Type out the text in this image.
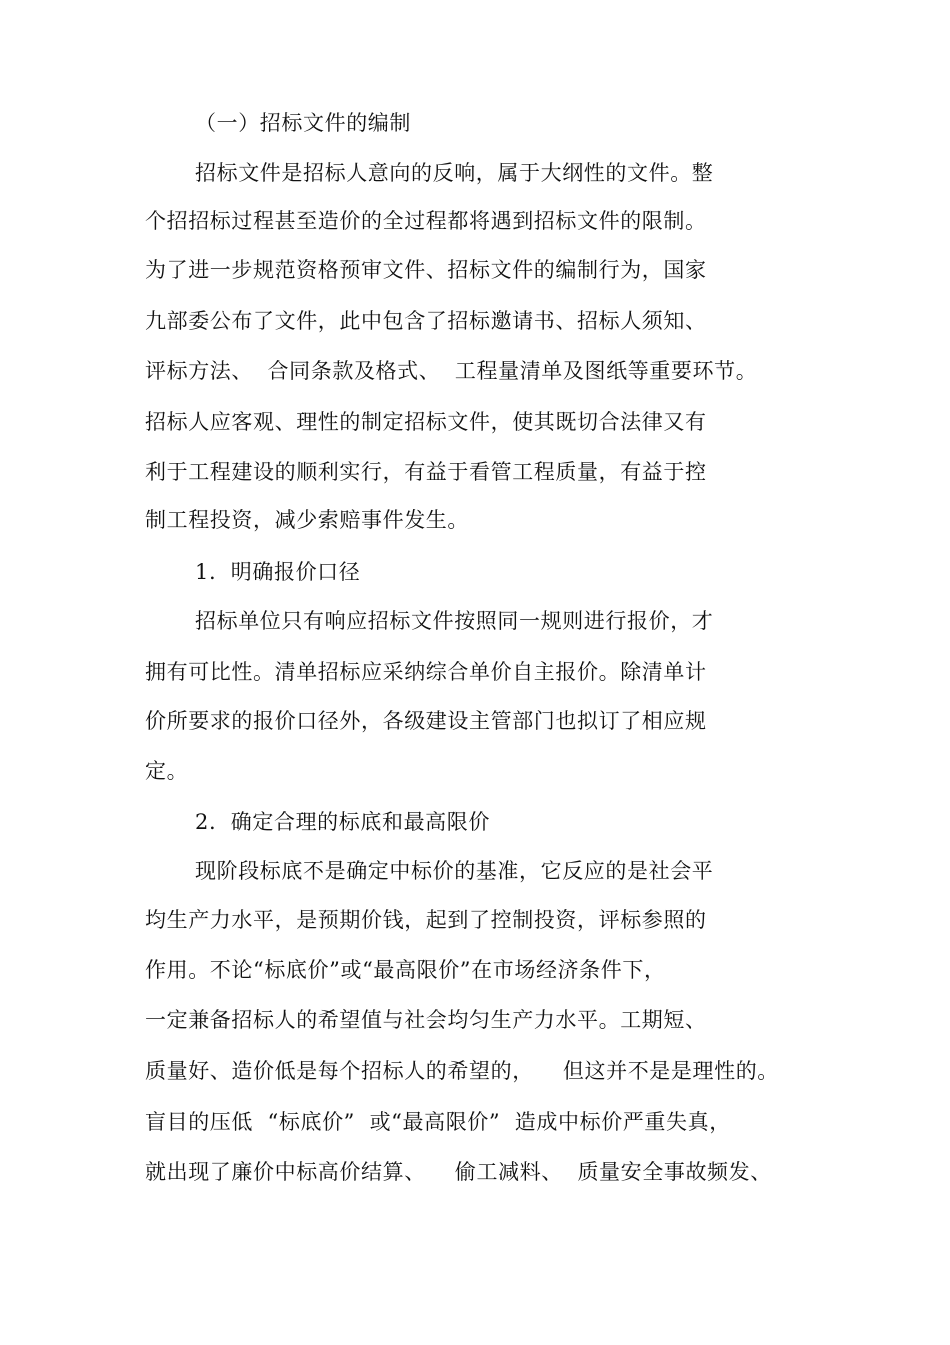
（一）招标文件的编制
招标文件是招标人意向的反响，属于大纲性的文件。整
个招招标过程甚至造价的全过程都将遇到招标文件的限制。
为了进一步规范资格预审文件、招标文件的编制行为，国家
九部委公布了文件，此中包含了招标邀请书、招标人须知、
评标方法、  合同条款及格式、  工程量清单及图纸等重要环节。
招标人应客观、理性的制定招标文件，使其既切合法律又有
利于工程建设的顺利实行，有益于看管工程质量，有益于控
制工程投资，减少索赔事件发生。
1.  明确报价口径
招标单位只有响应招标文件按照同一规则进行报价，才
拥有可比性。清单招标应采纳综合单价自主报价。除清单计
价所要求的报价口径外，各级建设主管部门也拟订了相应规
定。
2.  确定合理的标底和最高限价
现阶段标底不是确定中标价的基准，它反应的是社会平
均生产力水平，是预期价钱，起到了控制投资，评标参照的
作用。不论“标底价”或“最高限价”在市场经济条件下，
一定兼备招标人的希望值与社会均匀生产力水平。工期短、
质量好、造价低是每个招标人的希望的，    但这并不是是理性的。
盲目的压低  “标底价”  或“最高限价”  造成中标价严重失真，
就出现了廉价中标高价结算、    偷工减料、  质量安全事故频发、
